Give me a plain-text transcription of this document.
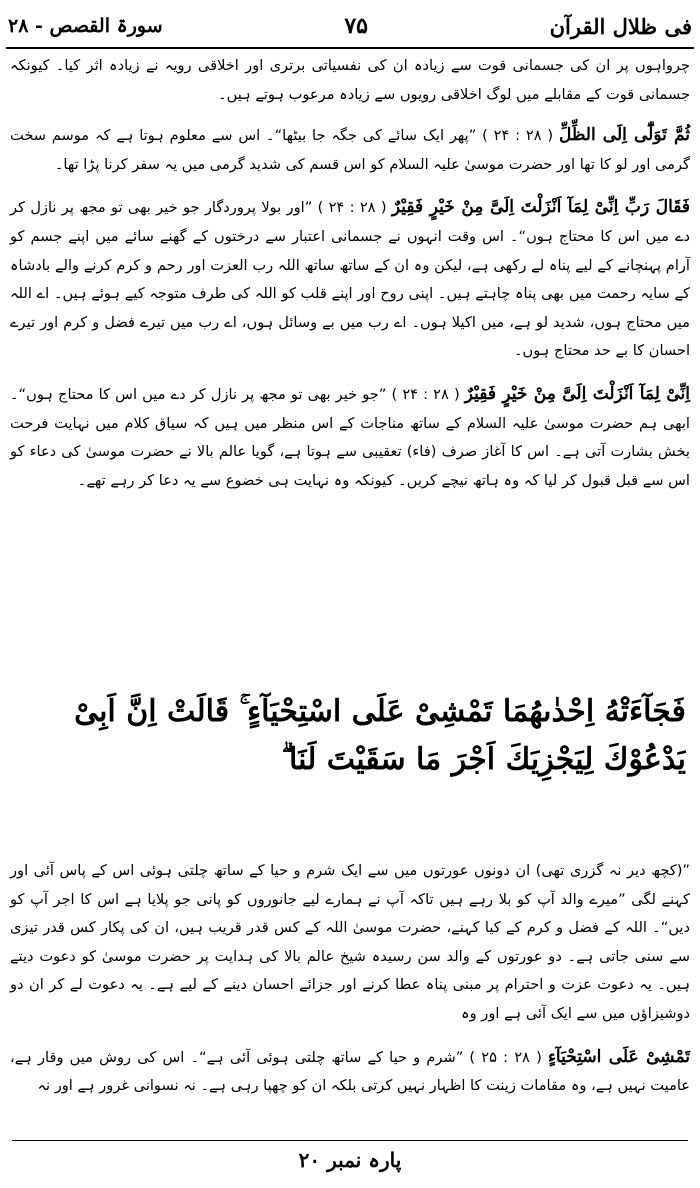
فی ظلال القرآن
۷۵
سورۃ القصص - ۲۸

چرواہوں پر ان کی جسمانی قوت سے زیادہ ان کی نفسیاتی برتری اور اخلاقی رویہ نے زیادہ اثر کیا۔ کیونکہ جسمانی قوت کے مقابلے میں لوگ اخلاقی رویوں سے زیادہ مرعوب ہوتے ہیں۔

ثُمَّ تَوَلّٰٓى اِلَى الظِّلِّ ( ۲۸ : ۲۴ ) ”پھر ایک سائے کی جگہ جا بیٹھا“۔ اس سے معلوم ہوتا ہے کہ موسم سخت گرمی اور لو کا تھا اور حضرت موسیٰ علیہ السلام کو اس قسم کی شدید گرمی میں یہ سفر کرنا پڑا تھا۔

فَقَالَ رَبِّ اِنِّىْ لِمَآ اَنْزَلْتَ اِلَىَّ مِنْ خَيْرٍ فَقِيْرٌ ( ۲۸ : ۲۴ ) ”اور بولا پروردگار جو خیر بھی تو مجھ پر نازل کر دے میں اس کا محتاج ہوں“۔ اس وقت انہوں نے جسمانی اعتبار سے درختوں کے گھنے سائے میں اپنے جسم کو آرام پہنچانے کے لیے پناہ لے رکھی ہے، لیکن وہ ان کے ساتھ ساتھ اللہ رب العزت اور رحم و کرم کرنے والے بادشاہ کے سایہ رحمت میں بھی پناہ چاہتے ہیں۔ اپنی روح اور اپنے قلب کو اللہ کی طرف متوجہ کیے ہوئے ہیں۔ اے اللہ میں محتاج ہوں، شدید لو ہے، میں اکیلا ہوں۔ اے رب میں بے وسائل ہوں، اے رب میں تیرے فضل و کرم اور تیرے احسان کا بے حد محتاج ہوں۔

اِنِّىْ لِمَآ اَنْزَلْتَ اِلَىَّ مِنْ خَيْرٍ فَقِيْرٌ ( ۲۸ : ۲۴ ) ”جو خیر بھی تو مجھ پر نازل کر دے میں اس کا محتاج ہوں“۔ ابھی ہم حضرت موسیٰ علیہ السلام کے ساتھ مناجات کے اس منظر میں ہیں کہ سیاق کلام میں نہایت فرحت بخش بشارت آتی ہے۔ اس کا آغاز صرف (فاء) تعقیبی سے ہوتا ہے، گویا عالم بالا نے حضرت موسیٰ کی دعاء کو اس سے قبل قبول کر لیا کہ وہ ہاتھ نیچے کریں۔ کیونکہ وہ نہایت ہی خضوع سے یہ دعا کر رہے تھے۔

فَجَآءَتْهُ اِحْدٰىهُمَا تَمْشِىْ عَلَى اسْتِحْيَآءٍ ۚ قَالَتْ اِنَّ اَبِىْ
يَدْعُوْكَ لِيَجْزِيَكَ اَجْرَ مَا سَقَيْتَ لَنَا ۗ

”(کچھ دیر نہ گزری تھی) ان دونوں عورتوں میں سے ایک شرم و حیا کے ساتھ چلتی ہوئی اس کے پاس آئی اور کہنے لگی ”میرے والد آپ کو بلا رہے ہیں تاکہ آپ نے ہمارے لیے جانوروں کو پانی جو پلایا ہے اس کا اجر آپ کو دیں“۔ اللہ کے فضل و کرم کے کیا کہنے، حضرت موسیٰ اللہ کے کس قدر قریب ہیں، ان کی پکار کس قدر تیزی سے سنی جاتی ہے۔ دو عورتوں کے والد سن رسیدہ شیخ عالم بالا کی ہدایت پر حضرت موسیٰ کو دعوت دیتے ہیں۔ یہ دعوت عزت و احترام پر مبنی پناہ عطا کرنے اور جزائے احسان دینے کے لیے ہے۔ یہ دعوت لے کر ان دو دوشیزاؤں میں سے ایک آئی ہے اور وہ

تَمْشِىْ عَلَى اسْتِحْيَآءٍ ( ۲۸ : ۲۵ ) ”شرم و حیا کے ساتھ چلتی ہوئی آئی ہے“۔ اس کی روش میں وقار ہے، عامیت نہیں ہے، وہ مقامات زینت کا اظہار نہیں کرتی بلکہ ان کو چھپا رہی ہے۔ نہ نسوانی غرور ہے اور نہ

پارہ نمبر ۲۰
